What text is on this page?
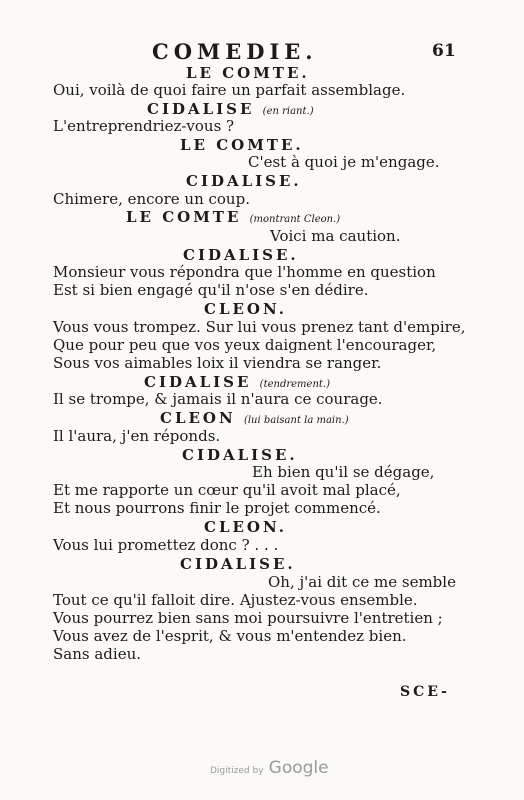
COMEDIE.	61
LE COMTE.
Oui, voilà de quoi faire un parfait assemblage.
CIDALISE (en riant.)
L'entreprendriez-vous ?
LE COMTE.
C'est à quoi je m'engage.
CIDALISE.
Chimere, encore un coup.
LE COMTE (montrant Cleon.)
Voici ma caution.
CIDALISE.
Monsieur vous répondra que l'homme en question
Est si bien engagé qu'il n'ose s'en dédire.
CLEON.
Vous vous trompez. Sur lui vous prenez tant d'empire,
Que pour peu que vos yeux daignent l'encourager,
Sous vos aimables loix il viendra se ranger.
CIDALISE (tendrement.)
Il se trompe, & jamais il n'aura ce courage.
CLEON (lui baisant la main.)
Il l'aura, j'en réponds.
CIDALISE.
Eh bien qu'il se dégage,
Et me rapporte un cœur qu'il avoit mal placé,
Et nous pourrons finir le projet commencé.
CLEON.
Vous lui promettez donc ? . . .
CIDALISE.
Oh, j'ai dit ce me semble
Tout ce qu'il falloit dire. Ajustez-vous ensemble.
Vous pourrez bien sans moi poursuivre l'entretien ;
Vous avez de l'esprit, & vous m'entendez bien.
Sans adieu.
SCE-
Digitized by Google
